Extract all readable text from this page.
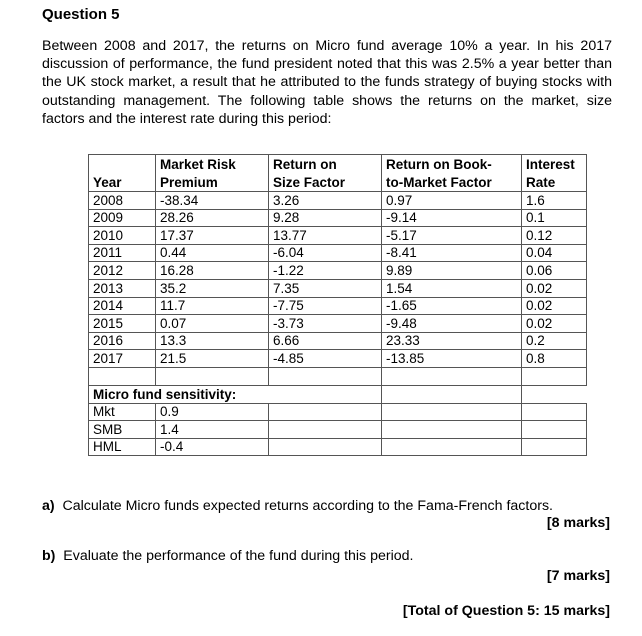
Question 5
Between 2008 and 2017, the returns on Micro fund average 10% a year. In his 2017 discussion of performance, the fund president noted that this was 2.5% a year better than the UK stock market, a result that he attributed to the funds strategy of buying stocks with outstanding management. The following table shows the returns on the market, size factors and the interest rate during this period:
	Market Risk	Return on	Return on Book-	Interest
Year	Premium	Size Factor	to-Market Factor	Rate
2008	-38.34	3.26	0.97	1.6
2009	28.26	9.28	-9.14	0.1
2010	17.37	13.77	-5.17	0.12
2011	0.44	-6.04	-8.41	0.04
2012	16.28	-1.22	9.89	0.06
2013	35.2	7.35	1.54	0.02
2014	11.7	-7.75	-1.65	0.02
2015	0.07	-3.73	-9.48	0.02
2016	13.3	6.66	23.33	0.2
2017	21.5	-4.85	-13.85	0.8

Micro fund sensitivity:				
Mkt	0.9			
SMB	1.4			
HML	-0.4			
a) Calculate Micro funds expected returns according to the Fama-French factors.
[8 marks]
b) Evaluate the performance of the fund during this period.
[7 marks]
[Total of Question 5: 15 marks]
